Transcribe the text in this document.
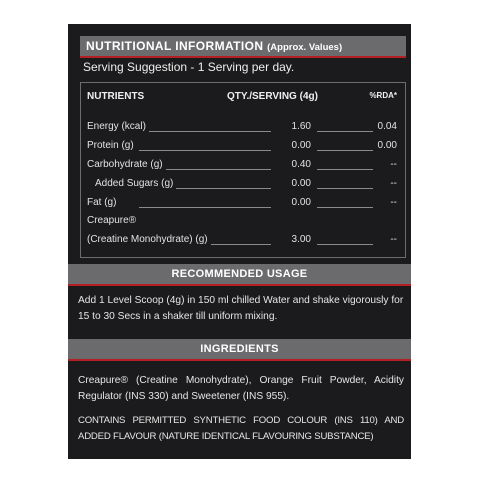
NUTRITIONAL INFORMATION (Approx. Values)
Serving Suggestion - 1 Serving per day.
NUTRIENTS	QTY./SERVING (4g)	%RDA*
Energy (kcal)	1.60	0.04
Protein (g)	0.00	0.00
Carbohydrate (g)	0.40	--
Added Sugars (g)	0.00	--
Fat (g)	0.00	--
Creapure®
(Creatine Monohydrate) (g)	3.00	--
RECOMMENDED USAGE
Add 1 Level Scoop (4g) in 150 ml chilled Water and shake vigorously for 15 to 30 Secs in a shaker till uniform mixing.
INGREDIENTS
Creapure® (Creatine Monohydrate), Orange Fruit Powder, Acidity Regulator (INS 330) and Sweetener (INS 955).
CONTAINS PERMITTED SYNTHETIC FOOD COLOUR (INS 110) AND ADDED FLAVOUR (NATURE IDENTICAL FLAVOURING SUBSTANCE)
